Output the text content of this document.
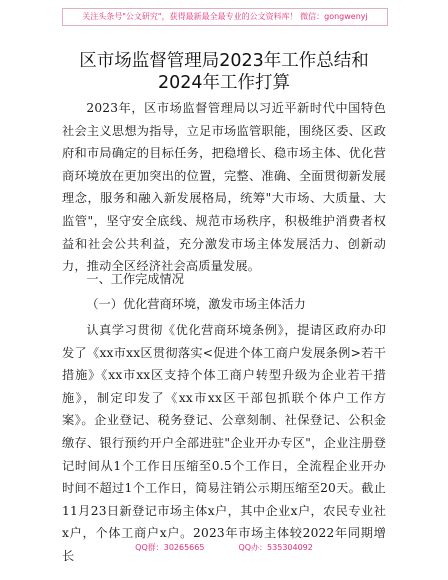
关注头条号"公文研究"，获得最新最全最专业的公文资料库！ 微信：gongwenyj
区市场监督管理局2023年工作总结和2024年工作打算
2023年，区市场监督管理局以习近平新时代中国特色社会主义思想为指导，立足市场监管职能，围绕区委、区政府和市局确定的目标任务，把稳增长、稳市场主体、优化营商环境放在更加突出的位置，完整、准确、全面贯彻新发展理念，服务和融入新发展格局，统筹"大市场、大质量、大监管"，坚守安全底线、规范市场秩序，积极维护消费者权益和社会公共利益，充分激发市场主体发展活力、创新动力，推动全区经济社会高质量发展。
一、工作完成情况
（一）优化营商环境，激发市场主体活力
认真学习贯彻《优化营商环境条例》，提请区政府办印发了《xx市xx区贯彻落实<促进个体工商户发展条例>若干措施》《xx市xx区支持个体工商户转型升级为企业若干措施》，制定印发了《xx市xx区干部包抓联个体户工作方案》。企业登记、税务登记、公章刻制、社保登记、公积金缴存、银行预约开户全部进驻"企业开办专区"，企业注册登记时间从1个工作日压缩至0.5个工作日，全流程企业开办时间不超过1个工作日，简易注销公示期压缩至20天。截止11月23日新登记市场主体x户，其中企业x户，农民专业社x户，个体工商户x户。2023年市场主体较2022年同期增长
QQ群：30265665	QQ办：535304092
